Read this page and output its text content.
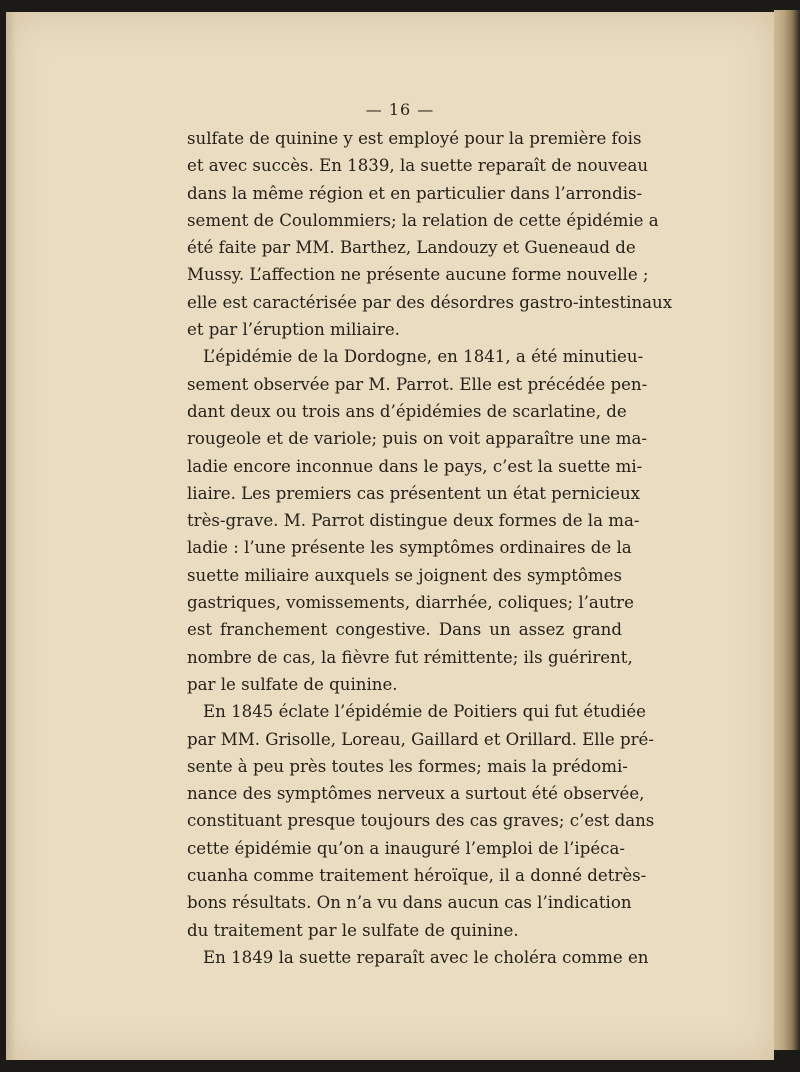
— 16 —
sulfate de quinine y est employé pour la première fois
et avec succès. En 1839, la suette reparaît de nouveau
dans la même région et en particulier dans l’arrondis-
sement de Coulommiers; la relation de cette épidémie a
été faite par MM. Barthez, Landouzy et Gueneaud de
Mussy. L’affection ne présente aucune forme nouvelle ;
elle est caractérisée par des désordres gastro-intestinaux
et par l’éruption miliaire.
L’épidémie de la Dordogne, en 1841, a été minutieu-
sement observée par M. Parrot. Elle est précédée pen-
dant deux ou trois ans d’épidémies de scarlatine, de
rougeole et de variole; puis on voit apparaître une ma-
ladie encore inconnue dans le pays, c’est la suette mi-
liaire. Les premiers cas présentent un état pernicieux
très-grave. M. Parrot distingue deux formes de la ma-
ladie : l’une présente les symptômes ordinaires de la
suette miliaire auxquels se joignent des symptômes
gastriques, vomissements, diarrhée, coliques; l’autre
est franchement congestive. Dans un assez grand
nombre de cas, la fièvre fut rémittente; ils guérirent,
par le sulfate de quinine.
En 1845 éclate l’épidémie de Poitiers qui fut étudiée
par MM. Grisolle, Loreau, Gaillard et Orillard. Elle pré-
sente à peu près toutes les formes; mais la prédomi-
nance des symptômes nerveux a surtout été observée,
constituant presque toujours des cas graves; c’est dans
cette épidémie qu’on a inauguré l’emploi de l’ipéca-
cuanha comme traitement héroïque, il a donné detrès-
bons résultats. On n’a vu dans aucun cas l’indication
du traitement par le sulfate de quinine.
En 1849 la suette reparaît avec le choléra comme en
